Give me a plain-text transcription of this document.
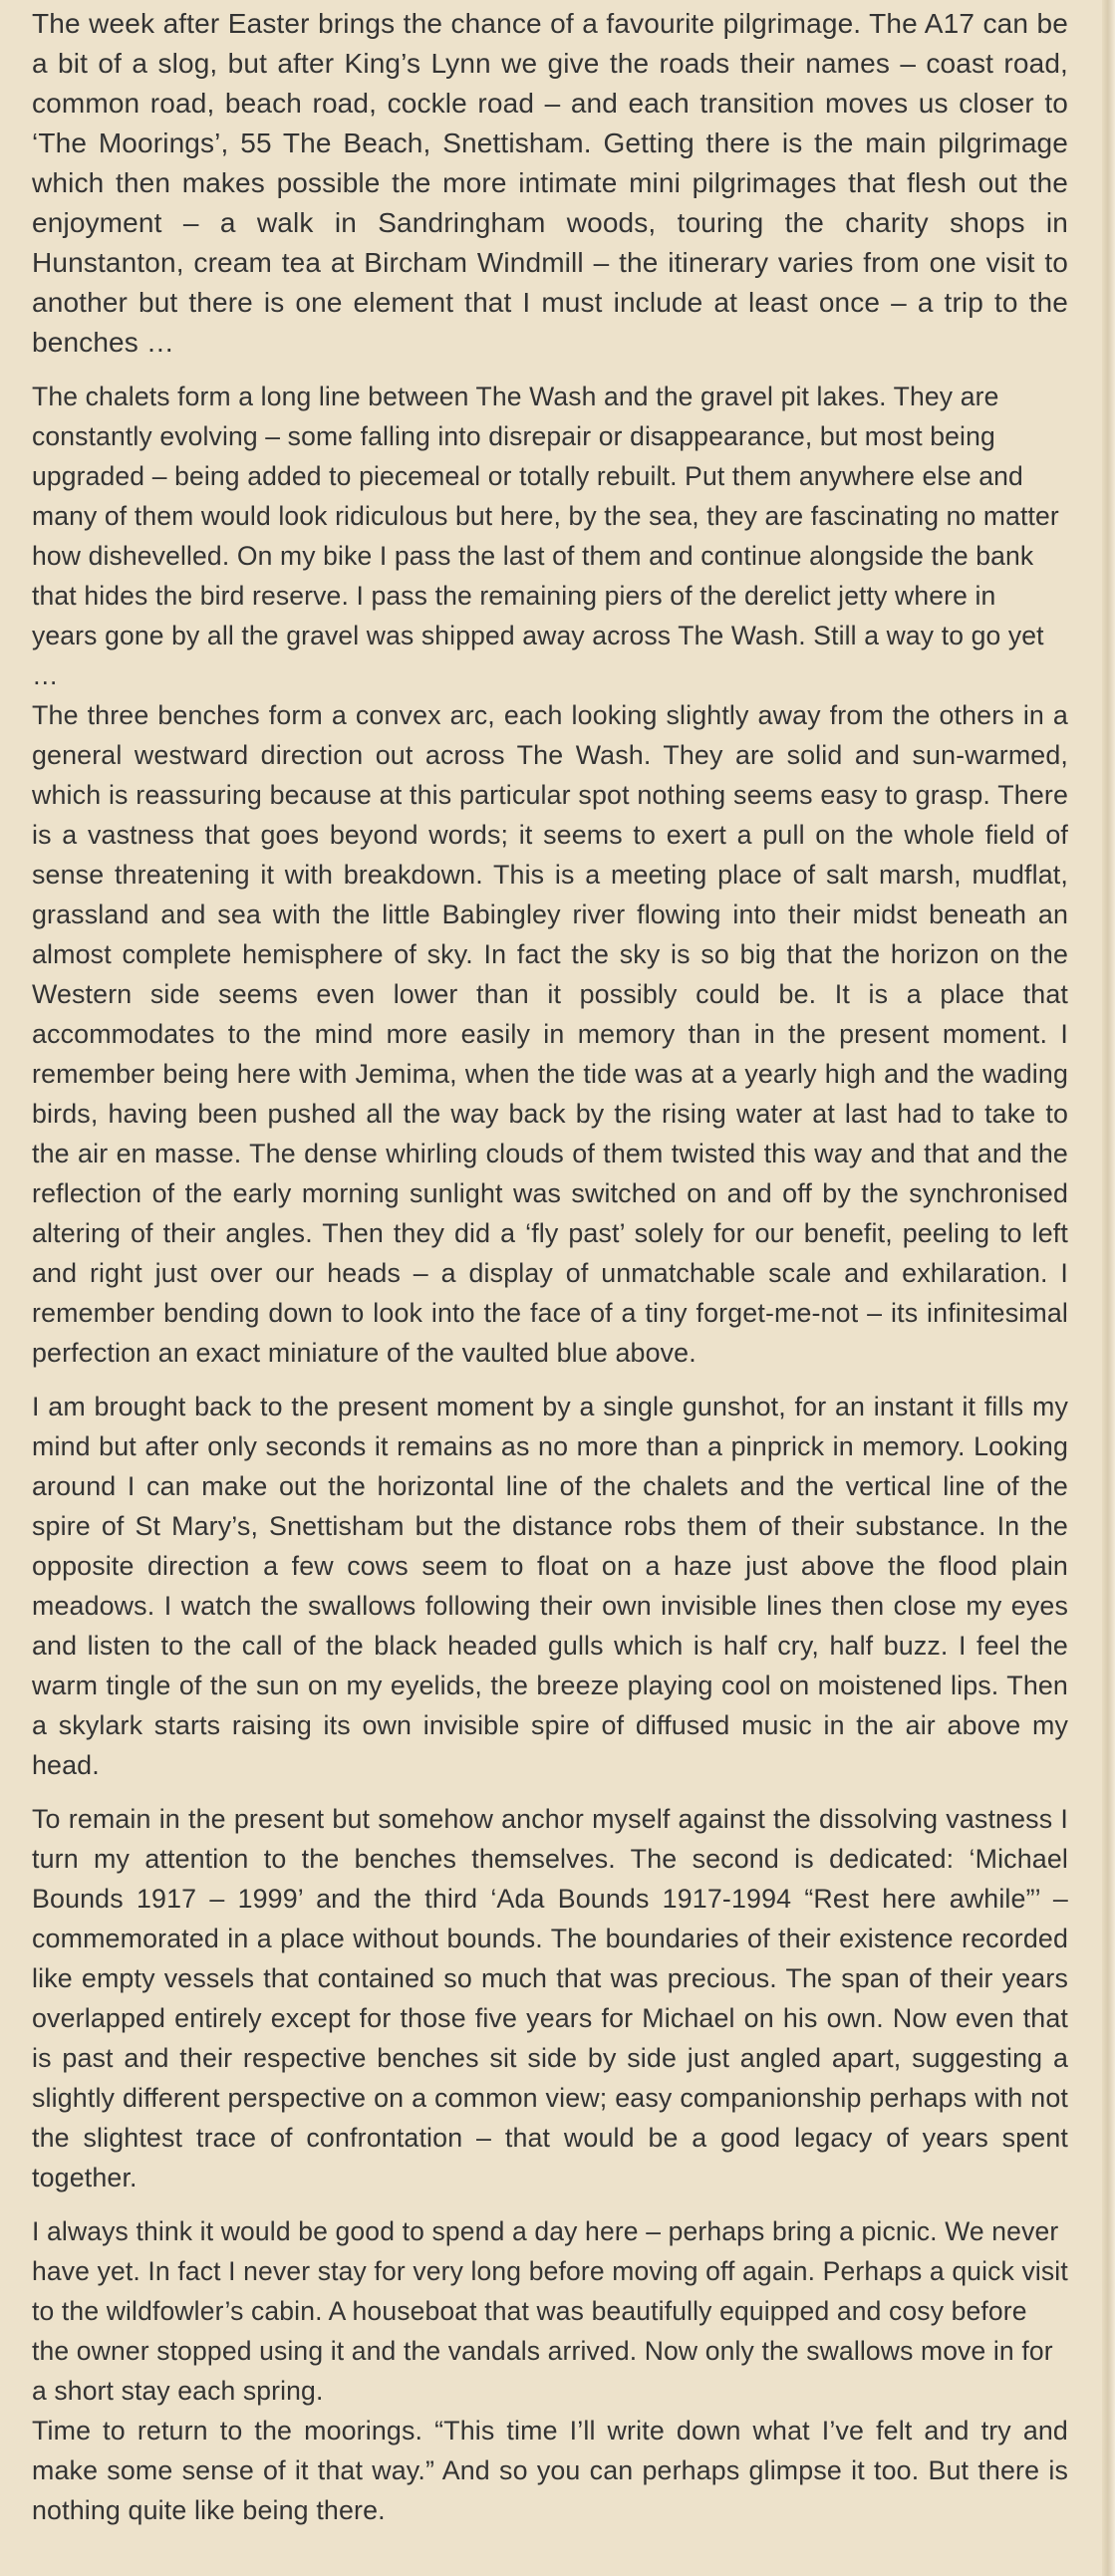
The week after Easter brings the chance of a favourite pilgrimage. The A17 can be a bit of a slog, but after King’s Lynn we give the roads their names – coast road, common road, beach road, cockle road – and each transition moves us closer to ‘The Moorings’, 55 The Beach, Snettisham. Getting there is the main pilgrimage which then makes possible the more intimate mini pilgrimages that flesh out the enjoyment – a walk in Sandringham woods, touring the charity shops in Hunstanton, cream tea at Bircham Windmill – the itinerary varies from one visit to another but there is one element that I must include at least once – a trip to the benches …

The chalets form a long line between The Wash and the gravel pit lakes. They are constantly evolving – some falling into disrepair or disappearance, but most being upgraded – being added to piecemeal or totally rebuilt. Put them anywhere else and many of them would look ridiculous but here, by the sea, they are fascinating no matter how dishevelled. On my bike I pass the last of them and continue alongside the bank that hides the bird reserve. I pass the remaining piers of the derelict jetty where in years gone by all the gravel was shipped away across The Wash. Still a way to go yet …

The three benches form a convex arc, each looking slightly away from the others in a general westward direction out across The Wash. They are solid and sun-warmed, which is reassuring because at this particular spot nothing seems easy to grasp. There is a vastness that goes beyond words; it seems to exert a pull on the whole field of sense threatening it with breakdown. This is a meeting place of salt marsh, mudflat, grassland and sea with the little Babingley river flowing into their midst beneath an almost complete hemisphere of sky. In fact the sky is so big that the horizon on the Western side seems even lower than it possibly could be. It is a place that accommodates to the mind more easily in memory than in the present moment. I remember being here with Jemima, when the tide was at a yearly high and the wading birds, having been pushed all the way back by the rising water at last had to take to the air en masse. The dense whirling clouds of them twisted this way and that and the reflection of the early morning sunlight was switched on and off by the synchronised altering of their angles. Then they did a ‘fly past’ solely for our benefit, peeling to left and right just over our heads – a display of unmatchable scale and exhilaration. I remember bending down to look into the face of a tiny forget-me-not – its infinitesimal perfection an exact miniature of the vaulted blue above.

I am brought back to the present moment by a single gunshot, for an instant it fills my mind but after only seconds it remains as no more than a pinprick in memory. Looking around I can make out the horizontal line of the chalets and the vertical line of the spire of St Mary’s, Snettisham but the distance robs them of their substance. In the opposite direction a few cows seem to float on a haze just above the flood plain meadows. I watch the swallows following their own invisible lines then close my eyes and listen to the call of the black headed gulls which is half cry, half buzz. I feel the warm tingle of the sun on my eyelids, the breeze playing cool on moistened lips. Then a skylark starts raising its own invisible spire of diffused music in the air above my head.

To remain in the present but somehow anchor myself against the dissolving vastness I turn my attention to the benches themselves. The second is dedicated: ‘Michael Bounds 1917 – 1999’ and the third ‘Ada Bounds 1917-1994 “Rest here awhile”’ – commemorated in a place without bounds. The boundaries of their existence recorded like empty vessels that contained so much that was precious. The span of their years overlapped entirely except for those five years for Michael on his own. Now even that is past and their respective benches sit side by side just angled apart, suggesting a slightly different perspective on a common view; easy companionship perhaps with not the slightest trace of confrontation – that would be a good legacy of years spent together.

I always think it would be good to spend a day here – perhaps bring a picnic. We never have yet. In fact I never stay for very long before moving off again. Perhaps a quick visit to the wildfowler’s cabin. A houseboat that was beautifully equipped and cosy before the owner stopped using it and the vandals arrived. Now only the swallows move in for a short stay each spring.

Time to return to the moorings. “This time I’ll write down what I’ve felt and try and make some sense of it that way.” And so you can perhaps glimpse it too. But there is nothing quite like being there.
